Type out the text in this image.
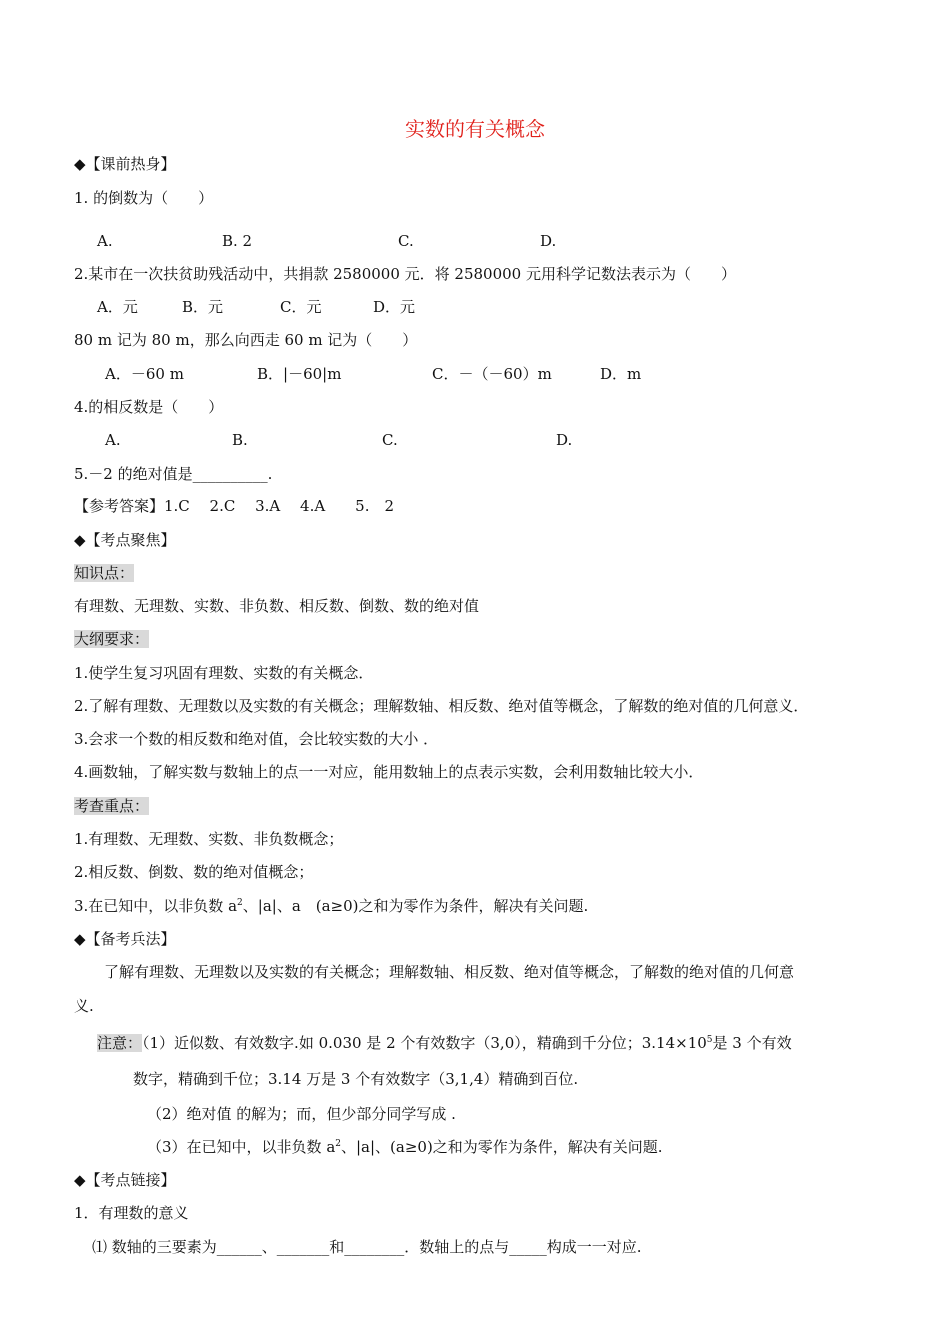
实数的有关概念
◆【课前热身】
1. 的倒数为（　　）
A.	B. 2	C.	D.
2.某市在一次扶贫助残活动中，共捐款 2580000 元．将 2580000 元用科学记数法表示为（　　）
A．元	B．元	C．元	D．元
80 m 记为 80 m，那么向西走 60 m 记为（　　）
A．－60 m	B．|－60|m	C．－（－60）m	D．m
4.的相反数是（　　）
A.	B.	C.	D.
5.－2 的绝对值是__________.
【参考答案】1.C　 2.C　 3.A　 4.A　　5.　2
◆【考点聚焦】
知识点：
有理数、无理数、实数、非负数、相反数、倒数、数的绝对值
大纲要求：
1.使学生复习巩固有理数、实数的有关概念．
2.了解有理数、无理数以及实数的有关概念；理解数轴、相反数、绝对值等概念，了解数的绝对值的几何意义．
3.会求一个数的相反数和绝对值，会比较实数的大小 ．
4.画数轴，了解实数与数轴上的点一一对应，能用数轴上的点表示实数，会利用数轴比较大小．
考查重点：
1.有理数、无理数、实数、非负数概念；
2.相反数、倒数、数的绝对值概念；
3.在已知中，以非负数 $a^2$、|a|、a　(a≥0)之和为零作为条件，解决有关问题.
◆【备考兵法】
了解有理数、无理数以及实数的有关概念；理解数轴、相反数、绝对值等概念，了解数的绝对值的几何意
义.
注意：（1）近似数、有效数字.如 0.030 是 2 个有效数字（3,0），精确到千分位；$3.14\times 10^5$是 3 个有效
数字，精确到千位；3.14 万是 3 个有效数字（3,1,4）精确到百位.
（2）绝对值 的解为；而，但少部分同学写成 .
（3）在已知中，以非负数 $a^2$、|a|、(a≥0)之和为零作为条件，解决有关问题.
◆【考点链接】
1．有理数的意义
⑴ 数轴的三要素为______、_______和________．数轴上的点与_____构成一一对应.
